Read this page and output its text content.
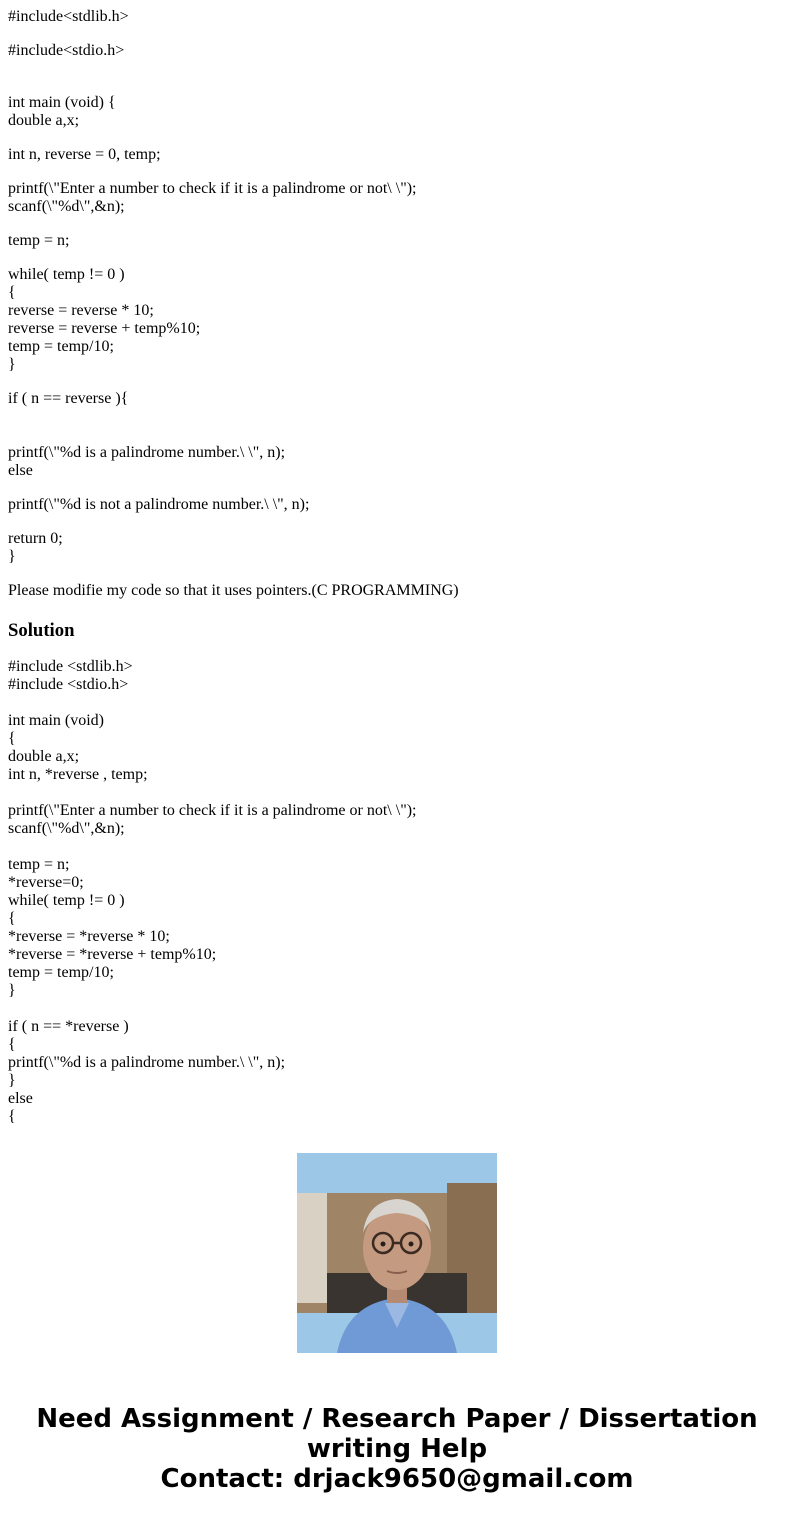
#include<stdlib.h>
#include<stdio.h>
int main (void) {
double a,x;
int n, reverse = 0, temp;
printf(\"Enter a number to check if it is a palindrome or not\ \");
scanf(\"%d\",&n);
temp = n;
while( temp != 0 )
{
reverse = reverse * 10;
reverse = reverse + temp%10;
temp = temp/10;
}
if ( n == reverse ){
printf(\"%d is a palindrome number.\ \", n);
else
printf(\"%d is not a palindrome number.\ \", n);
return 0;
}
Please modifie my code so that it uses pointers.(C PROGRAMMING)
Solution
#include <stdlib.h>
#include <stdio.h>
int main (void)
{
double a,x;
int n, *reverse , temp;
printf(\"Enter a number to check if it is a palindrome or not\ \");
scanf(\"%d\",&n);
temp = n;
*reverse=0;
while( temp != 0 )
{
*reverse = *reverse * 10;
*reverse = *reverse + temp%10;
temp = temp/10;
}
if ( n == *reverse )
{
printf(\"%d is a palindrome number.\ \", n);
}
else
{
Need Assignment / Research Paper / Dissertation
writing Help
Contact: drjack9650@gmail.com
